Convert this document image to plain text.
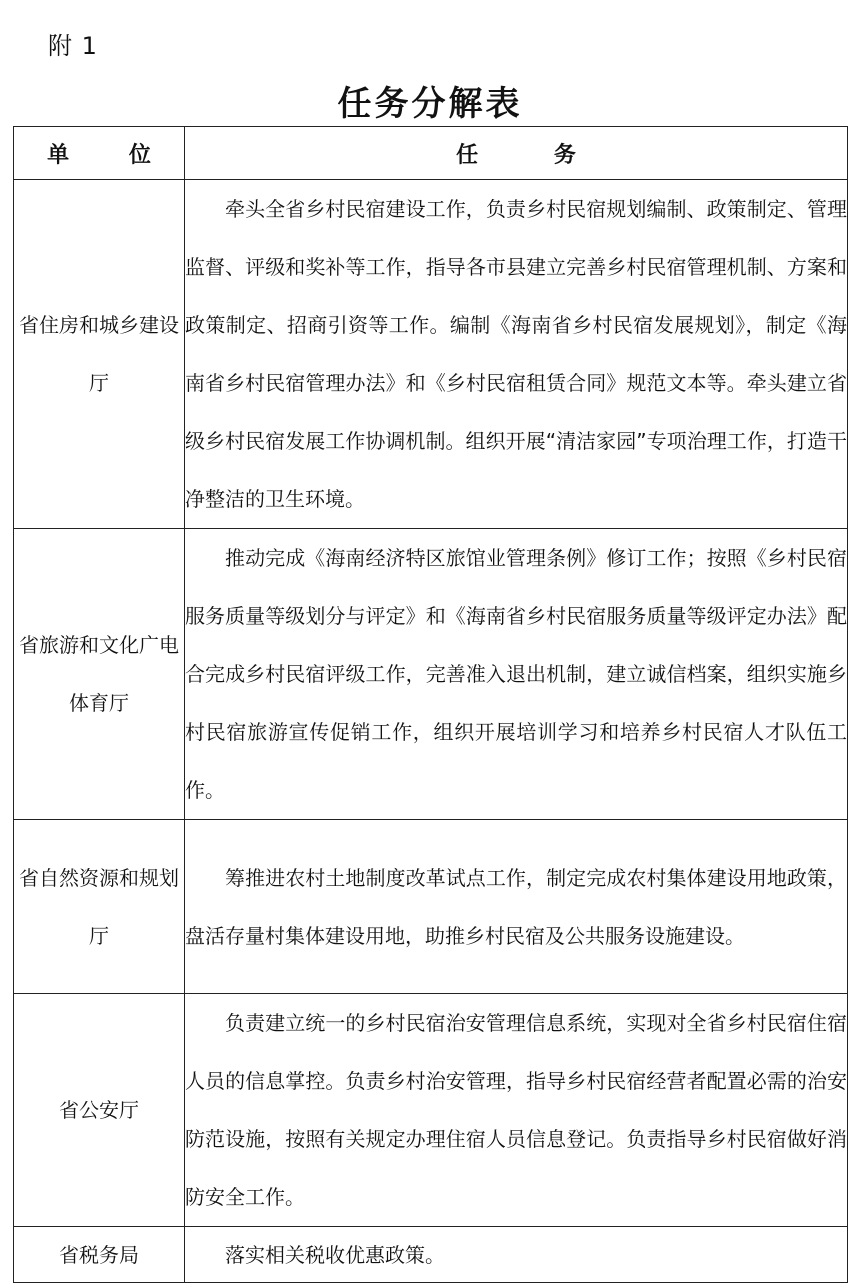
附 1
任务分解表
单 位	任 务
省住房和城乡建设厅	牵头全省乡村民宿建设工作，负责乡村民宿规划编制、政策制定、管理监督、评级和奖补等工作，指导各市县建立完善乡村民宿管理机制、方案和政策制定、招商引资等工作。编制《海南省乡村民宿发展规划》，制定《海南省乡村民宿管理办法》和《乡村民宿租赁合同》规范文本等。牵头建立省级乡村民宿发展工作协调机制。组织开展“清洁家园”专项治理工作，打造干净整洁的卫生环境。
省旅游和文化广电体育厅	推动完成《海南经济特区旅馆业管理条例》修订工作；按照《乡村民宿服务质量等级划分与评定》和《海南省乡村民宿服务质量等级评定办法》配合完成乡村民宿评级工作，完善准入退出机制，建立诚信档案，组织实施乡村民宿旅游宣传促销工作，组织开展培训学习和培养乡村民宿人才队伍工作。
省自然资源和规划厅	筹推进农村土地制度改革试点工作，制定完成农村集体建设用地政策，盘活存量村集体建设用地，助推乡村民宿及公共服务设施建设。
省公安厅	负责建立统一的乡村民宿治安管理信息系统，实现对全省乡村民宿住宿人员的信息掌控。负责乡村治安管理，指导乡村民宿经营者配置必需的治安防范设施，按照有关规定办理住宿人员信息登记。负责指导乡村民宿做好消防安全工作。
省税务局	落实相关税收优惠政策。
